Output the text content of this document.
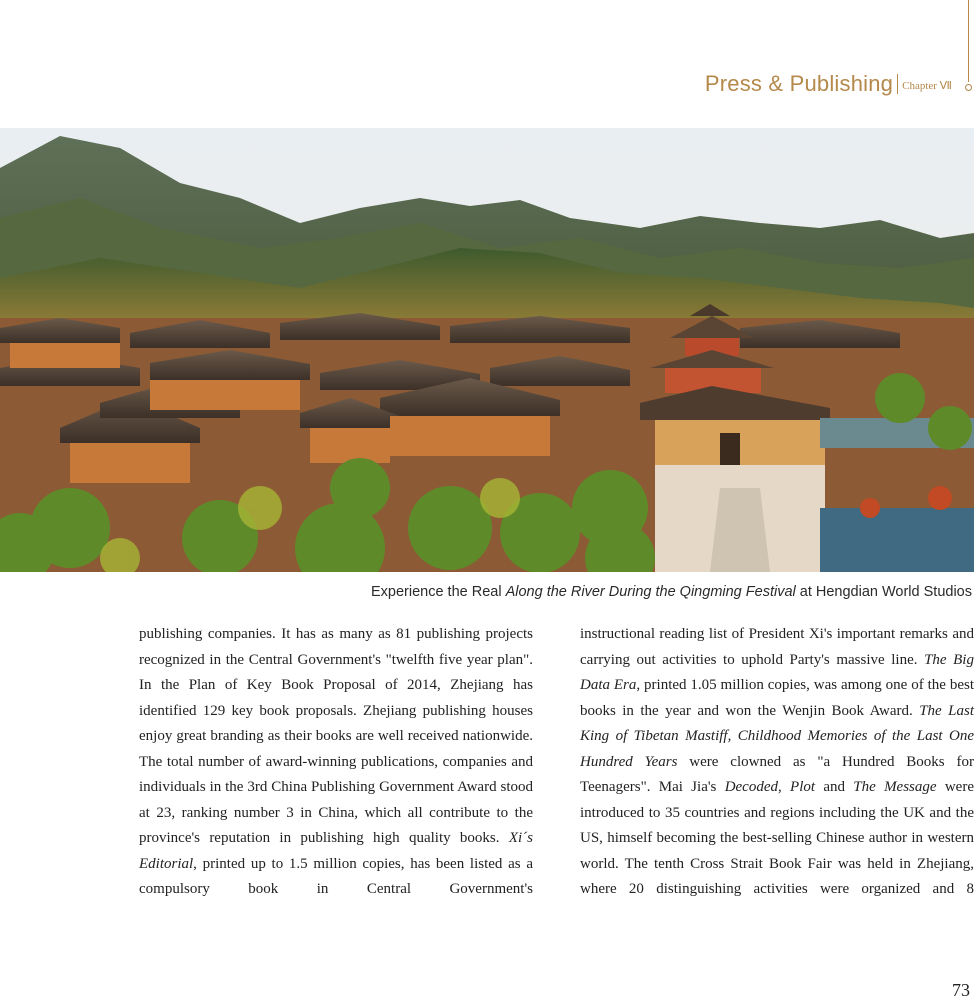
Press & Publishing Chapter Ⅶ
Experience the Real Along the River During the Qingming Festival at Hengdian World Studios

publishing companies. It has as many as 81 publishing projects recognized in the Central Government's "twelfth five year plan". In the Plan of Key Book Proposal of 2014, Zhejiang has identified 129 key book proposals. Zhejiang publishing houses enjoy great branding as their books are well received nationwide. The total number of award-winning publications, companies and individuals in the 3rd China Publishing Government Award stood at 23, ranking number 3 in China, which all contribute to the province's reputation in publishing high quality books. Xi´s Editorial, printed up to 1.5 million copies, has been listed as a compulsory book in Central Government's

instructional reading list of President Xi's important remarks and carrying out activities to uphold Party's massive line. The Big Data Era, printed 1.05 million copies, was among one of the best books in the year and won the Wenjin Book Award. The Last King of Tibetan Mastiff, Childhood Memories of the Last One Hundred Years were clowned as "a Hundred Books for Teenagers". Mai Jia's Decoded, Plot and The Message were introduced to 35 countries and regions including the UK and the US, himself becoming the best-selling Chinese author in western world. The tenth Cross Strait Book Fair was held in Zhejiang, where 20 distinguishing activities were organized and 8

73
